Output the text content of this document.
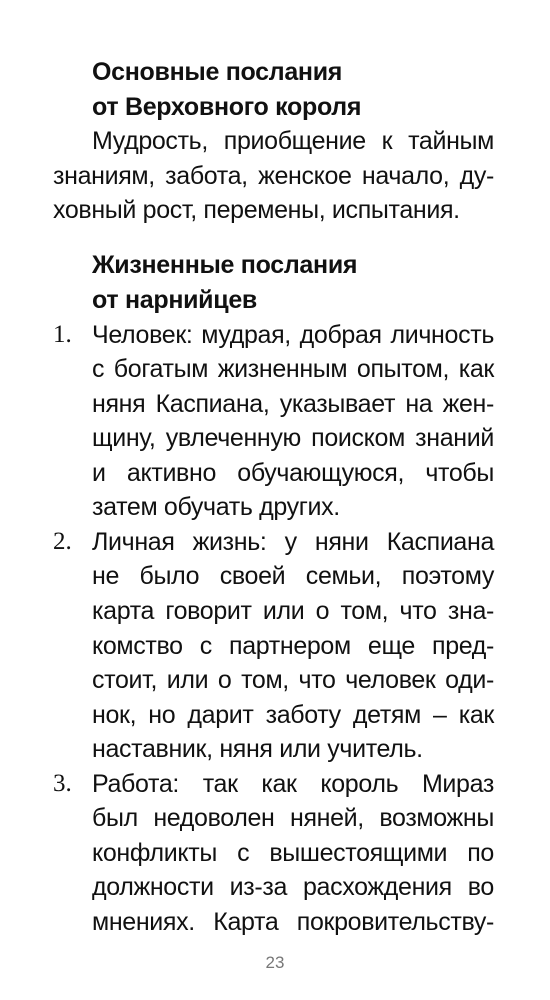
Основные послания

от Верховного короля

Мудрость, приобщение к тайным

знаниям, забота, женское начало, ду-

ховный рост, перемены, испытания.

Жизненные послания

от нарнийцев

1. Человек: мудрая, добрая личность

с богатым жизненным опытом, как

няня Каспиана, указывает на жен-

щину, увлеченную поиском знаний

и активно обучающуюся, чтобы

затем обучать других.

2. Личная жизнь: у няни Каспиана

не было своей семьи, поэтому

карта говорит или о том, что зна-

комство с партнером еще пред-

стоит, или о том, что человек оди-

нок, но дарит заботу детям – как

наставник, няня или учитель.

3. Работа: так как король Мираз

был недоволен няней, возможны

конфликты с вышестоящими по

должности из-за расхождения во

мнениях. Карта покровительству-

23
